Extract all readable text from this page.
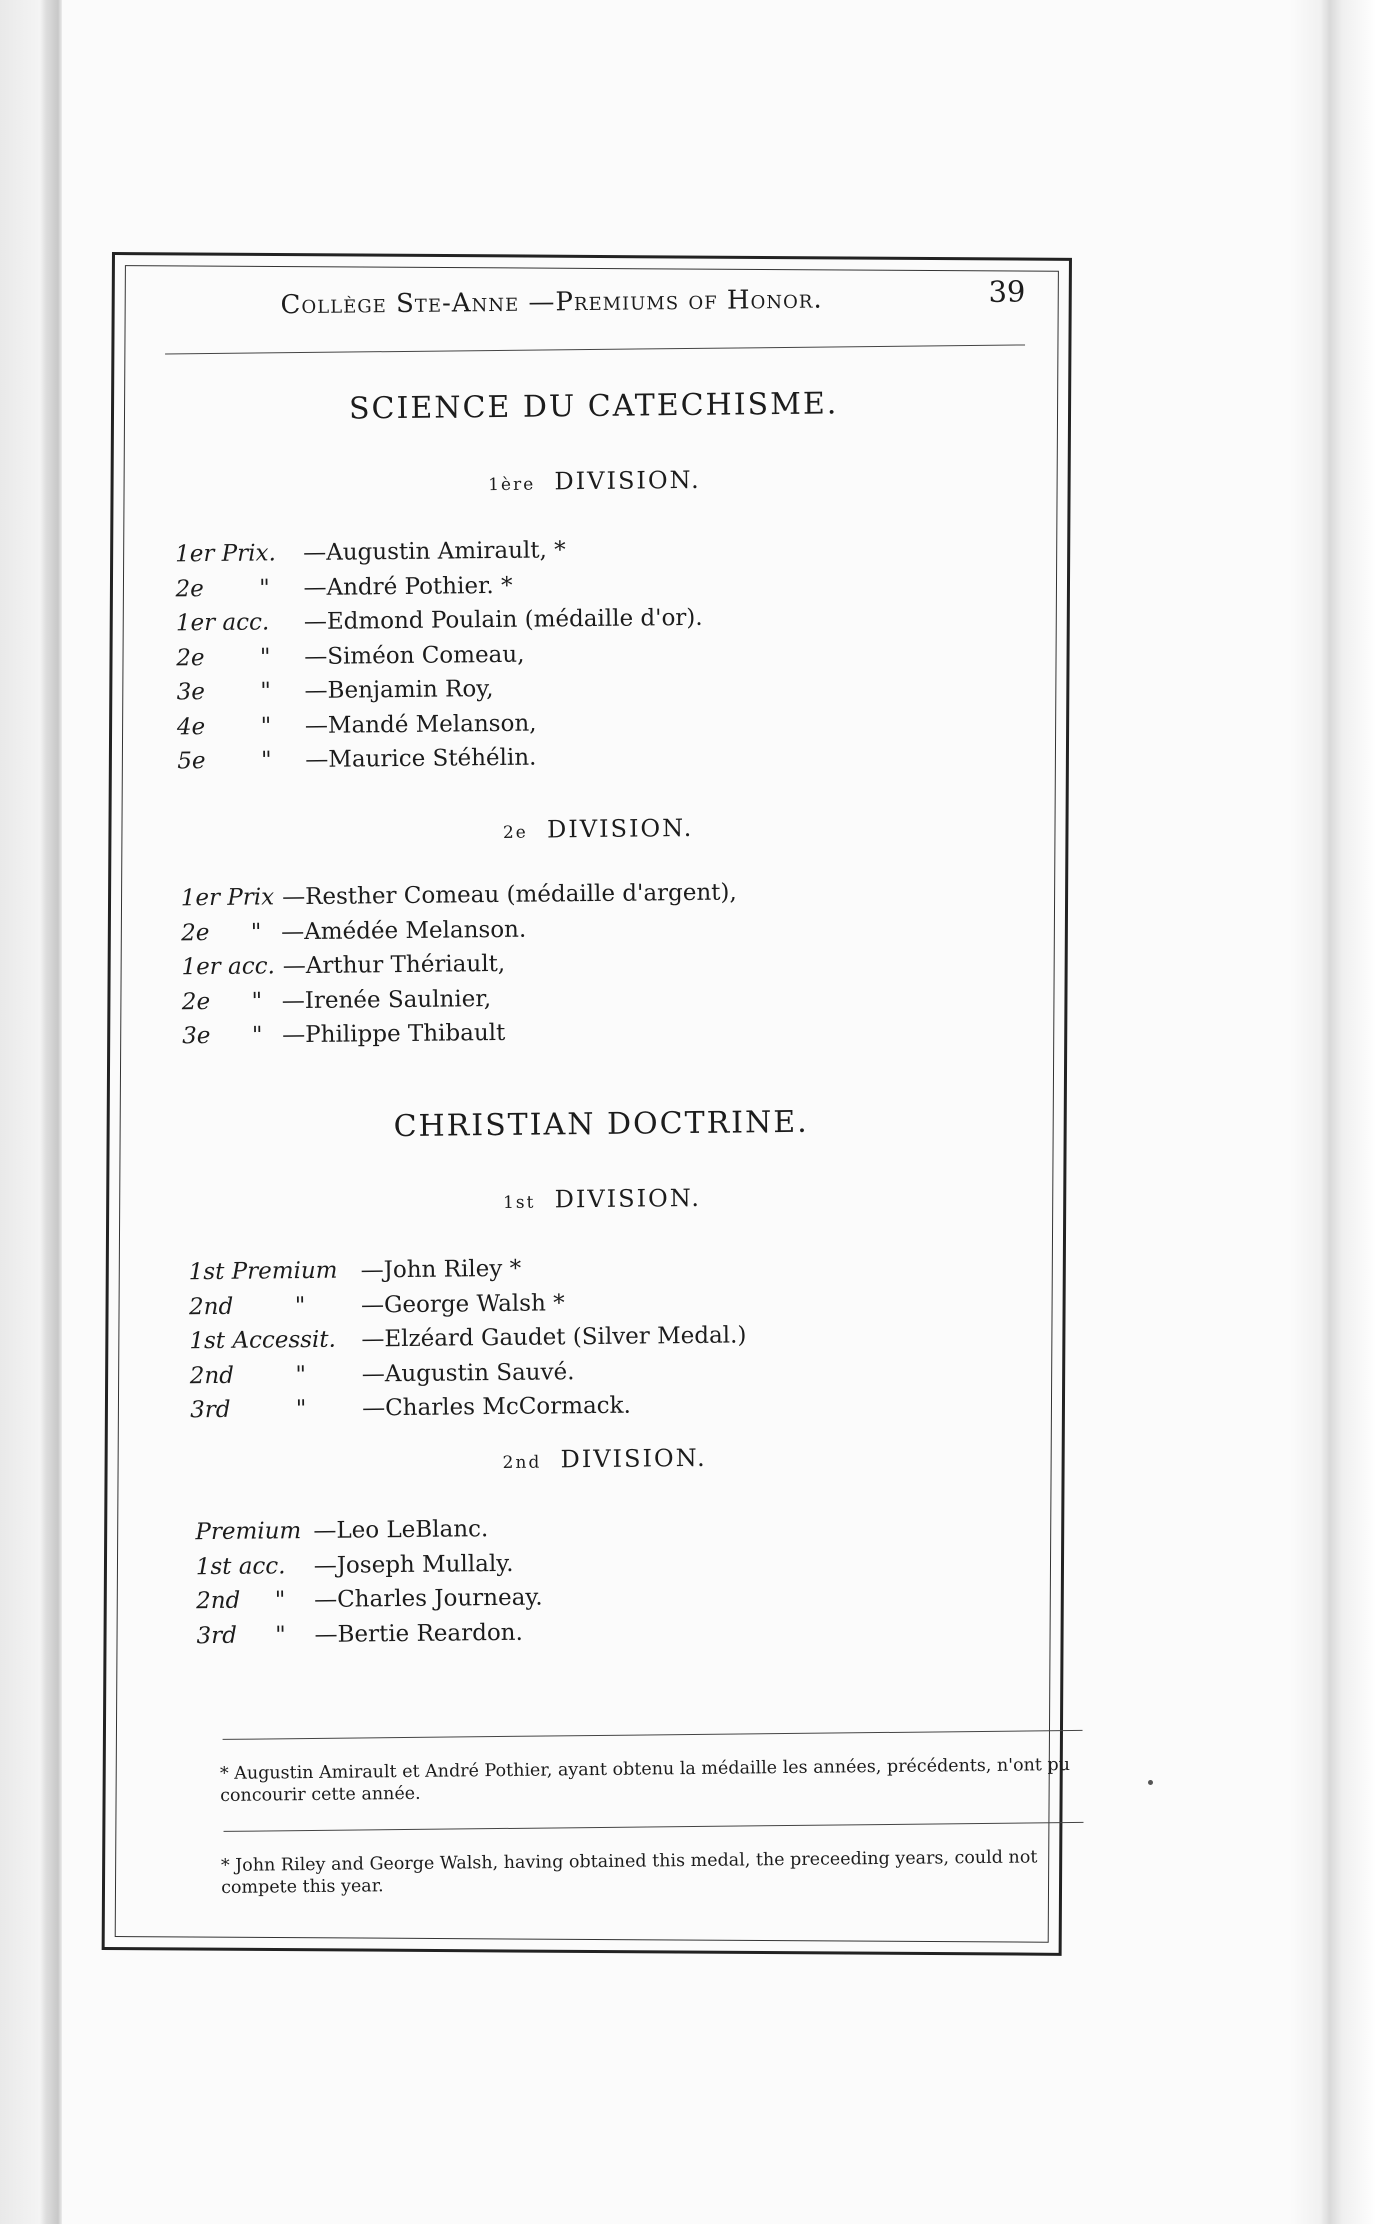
Collège Ste-Anne —Premiums of Honor.	39
SCIENCE DU CATECHISME.
1ère DIVISION.
1er Prix. —Augustin Amirault, *
2e " —André Pothier. *
1er acc. —Edmond Poulain (médaille d'or).
2e " —Siméon Comeau,
3e " —Benjamin Roy,
4e " —Mandé Melanson,
5e " —Maurice Stéhélin.
2e DIVISION.
1er Prix —Resther Comeau (médaille d'argent),
2e " —Amédée Melanson.
1er acc. —Arthur Thériault,
2e " —Irenée Saulnier,
3e " —Philippe Thibault
CHRISTIAN DOCTRINE.
1st DIVISION.
1st Premium —John Riley *
2nd	" —George Walsh *
1st Accessit. —Elzéard Gaudet (Silver Medal.)
2nd	" —Augustin Sauvé.
3rd	" —Charles McCormack.
2nd DIVISION.
Premium —Leo LeBlanc.
1st acc. —Joseph Mullaly.
2nd " —Charles Journeay.
3rd " —Bertie Reardon.
* Augustin Amirault et André Pothier, ayant obtenu la médaille les années, précédents, n'ont pu concourir cette année.
* John Riley and George Walsh, having obtained this medal, the preceeding years, could not compete this year.
